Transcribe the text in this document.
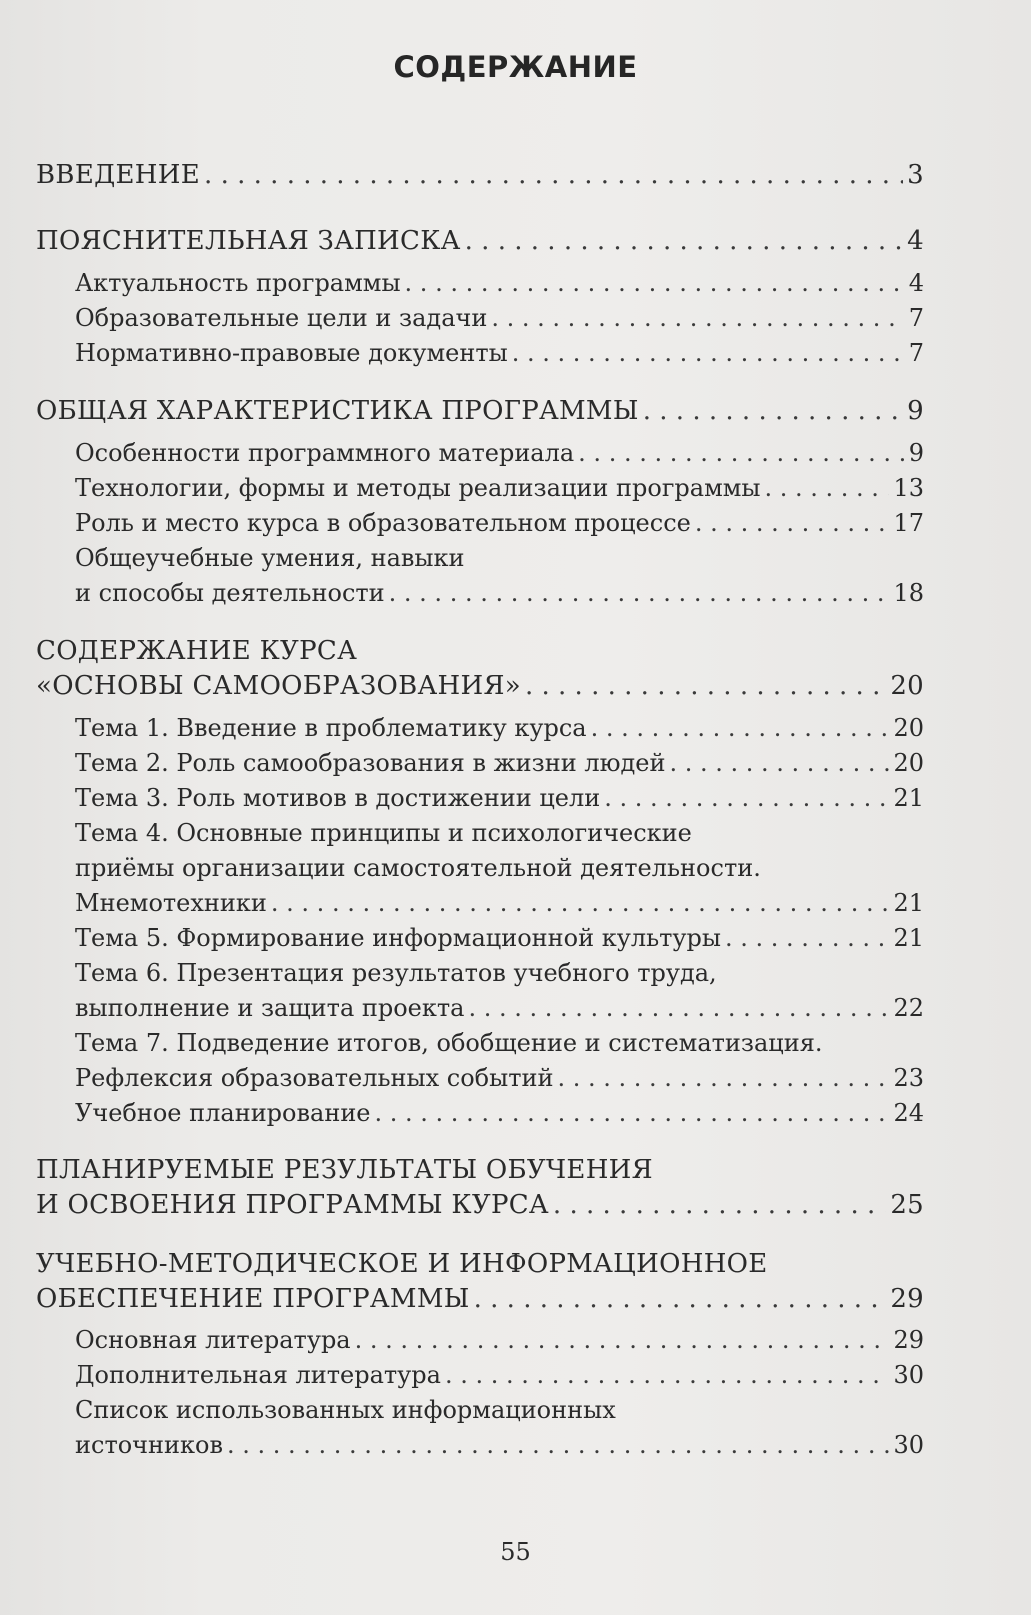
СОДЕРЖАНИЕ
ВВЕДЕНИЕ . . .	3
ПОЯСНИТЕЛЬНАЯ ЗАПИСКА . . .	4
Актуальность программы . . .	4
Образовательные цели и задачи . . .	7
Нормативно-правовые документы . . .	7
ОБЩАЯ ХАРАКТЕРИСТИКА ПРОГРАММЫ . . .	9
Особенности программного материала . . .	9
Технологии, формы и методы реализации программы . . .	13
Роль и место курса в образовательном процессе . . .	17
Общеучебные умения, навыки
и способы деятельности . . .	18
СОДЕРЖАНИЕ КУРСА
«ОСНОВЫ САМООБРАЗОВАНИЯ» . . .	20
Тема 1. Введение в проблематику курса . . .	20
Тема 2. Роль самообразования в жизни людей . . .	20
Тема 3. Роль мотивов в достижении цели . . .	21
Тема 4. Основные принципы и психологические
приёмы организации самостоятельной деятельности.
Мнемотехники . . .	21
Тема 5. Формирование информационной культуры . . .	21
Тема 6. Презентация результатов учебного труда,
выполнение и защита проекта . . .	22
Тема 7. Подведение итогов, обобщение и систематизация.
Рефлексия образовательных событий . . .	23
Учебное планирование . . .	24
ПЛАНИРУЕМЫЕ РЕЗУЛЬТАТЫ ОБУЧЕНИЯ
И ОСВОЕНИЯ ПРОГРАММЫ КУРСА . . .	25
УЧЕБНО-МЕТОДИЧЕСКОЕ И ИНФОРМАЦИОННОЕ
ОБЕСПЕЧЕНИЕ ПРОГРАММЫ . . .	29
Основная литература . . .	29
Дополнительная литература . . .	30
Список использованных информационных
источников . . .	30
55
